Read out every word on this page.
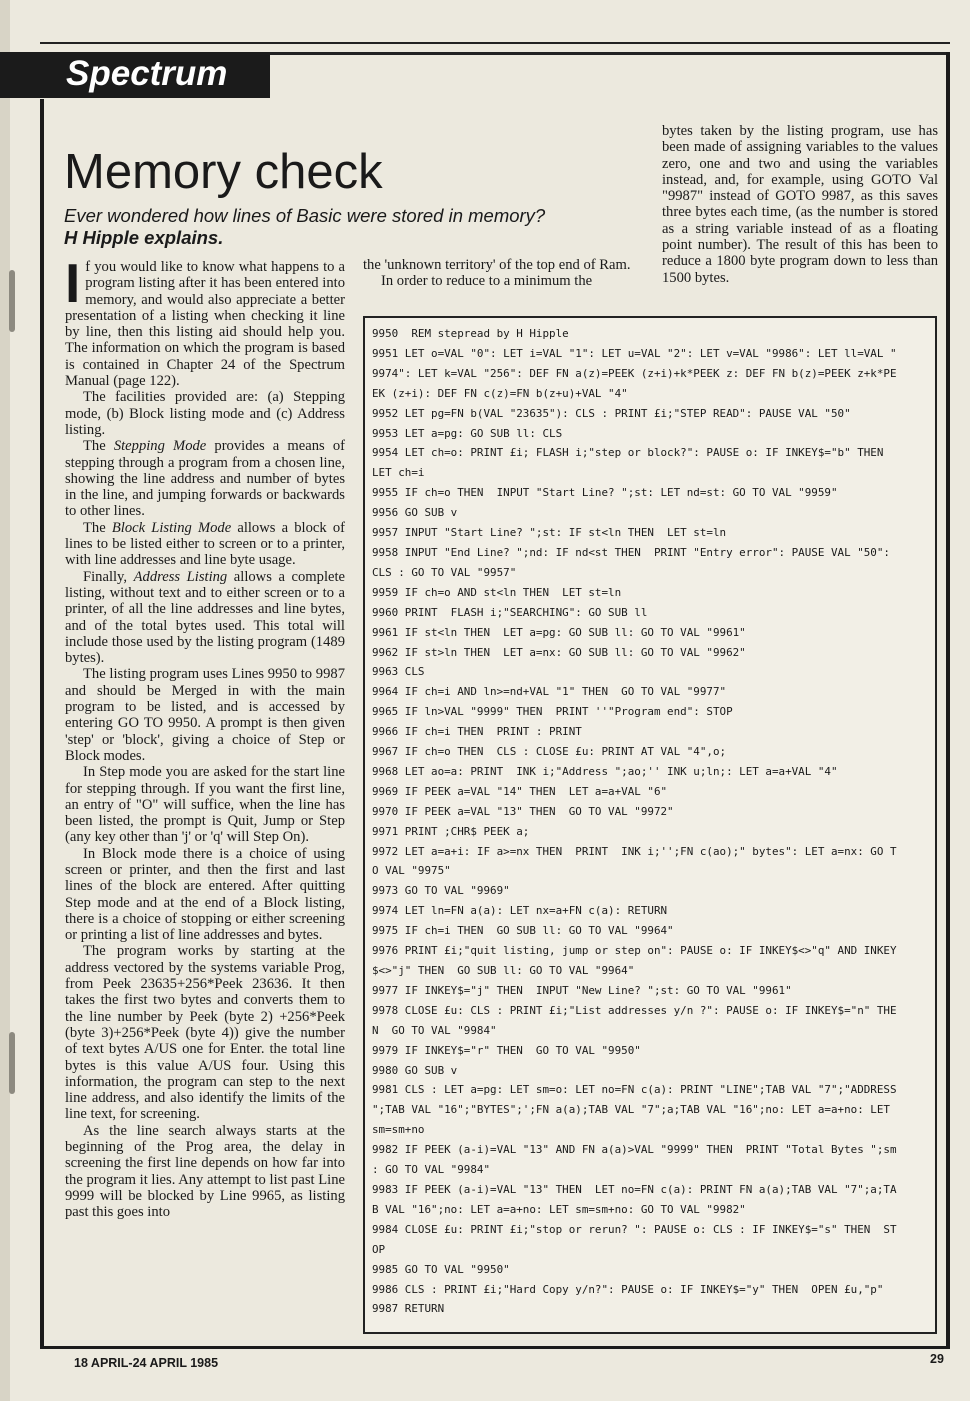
Spectrum
Memory check

Ever wondered how lines of Basic were stored in memory?
H Hipple explains.

If you would like to know what happens to a program listing after it has been entered into memory, and would also appreciate a better presentation of a listing when checking it line by line, then this listing aid should help you. The information on which the program is based is contained in Chapter 24 of the Spectrum Manual (page 122).

The facilities provided are: (a) Stepping mode, (b) Block listing mode and (c) Address listing.

The Stepping Mode provides a means of stepping through a program from a chosen line, showing the line address and number of bytes in the line, and jumping forwards or backwards to other lines.

The Block Listing Mode allows a block of lines to be listed either to screen or to a printer, with line addresses and line byte usage.

Finally, Address Listing allows a complete listing, without text and to either screen or to a printer, of all the line addresses and line bytes, and of the total bytes used. This total will include those used by the listing program (1489 bytes).

The listing program uses Lines 9950 to 9987 and should be Merged in with the main program to be listed, and is accessed by entering GO TO 9950. A prompt is then given 'step' or 'block', giving a choice of Step or Block modes.

In Step mode you are asked for the start line for stepping through. If you want the first line, an entry of "O" will suffice, when the line has been listed, the prompt is Quit, Jump or Step (any key other than 'j' or 'q' will Step On).

In Block mode there is a choice of using screen or printer, and then the first and last lines of the block are entered. After quitting Step mode and at the end of a Block listing, there is a choice of stopping or either screening or printing a list of line addresses and bytes.

The program works by starting at the address vectored by the systems variable Prog, from Peek 23635+256*Peek 23636. It then takes the first two bytes and converts them to the line number by Peek (byte 2) +256*Peek (byte 3)+256*Peek (byte 4)) give the number of text bytes A/US one for Enter. the total line bytes is this value A/US four. Using this information, the program can step to the next line address, and also identify the limits of the line text, for screening.

As the line search always starts at the beginning of the Prog area, the delay in screening the first line depends on how far into the program it lies. Any attempt to list past Line 9999 will be blocked by Line 9965, as listing past this goes into

the 'unknown territory' of the top end of Ram.

In order to reduce to a minimum the

bytes taken by the listing program, use has been made of assigning variables to the values zero, one and two and using the variables instead, and, for example, using GOTO Val "9987" instead of GOTO 9987, as this saves three bytes each time, (as the number is stored as a string variable instead of as a floating point number). The result of this has been to reduce a 1800 byte program down to less than 1500 bytes.

9950  REM stepread by H Hipple
9951 LET o=VAL "0": LET i=VAL "1": LET u=VAL "2": LET v=VAL "9986": LET ll=VAL "
9974": LET k=VAL "256": DEF FN a(z)=PEEK (z+i)+k*PEEK z: DEF FN b(z)=PEEK z+k*PE
EK (z+i): DEF FN c(z)=FN b(z+u)+VAL "4"
9952 LET pg=FN b(VAL "23635"): CLS : PRINT £i;"STEP READ": PAUSE VAL "50"
9953 LET a=pg: GO SUB ll: CLS
9954 LET ch=o: PRINT £i; FLASH i;"step or block?": PAUSE o: IF INKEY$="b" THEN
LET ch=i
9955 IF ch=o THEN  INPUT "Start Line? ";st: LET nd=st: GO TO VAL "9959"
9956 GO SUB v
9957 INPUT "Start Line? ";st: IF st<ln THEN  LET st=ln
9958 INPUT "End Line? ";nd: IF nd<st THEN  PRINT "Entry error": PAUSE VAL "50":
CLS : GO TO VAL "9957"
9959 IF ch=o AND st<ln THEN  LET st=ln
9960 PRINT  FLASH i;"SEARCHING": GO SUB ll
9961 IF st<ln THEN  LET a=pg: GO SUB ll: GO TO VAL "9961"
9962 IF st>ln THEN  LET a=nx: GO SUB ll: GO TO VAL "9962"
9963 CLS
9964 IF ch=i AND ln>=nd+VAL "1" THEN  GO TO VAL "9977"
9965 IF ln>VAL "9999" THEN  PRINT ''"Program end": STOP
9966 IF ch=i THEN  PRINT : PRINT
9967 IF ch=o THEN  CLS : CLOSE £u: PRINT AT VAL "4",o;
9968 LET ao=a: PRINT  INK i;"Address ";ao;'' INK u;ln;: LET a=a+VAL "4"
9969 IF PEEK a=VAL "14" THEN  LET a=a+VAL "6"
9970 IF PEEK a=VAL "13" THEN  GO TO VAL "9972"
9971 PRINT ;CHR$ PEEK a;
9972 LET a=a+i: IF a>=nx THEN  PRINT  INK i;'';FN c(ao);" bytes": LET a=nx: GO T
O VAL "9975"
9973 GO TO VAL "9969"
9974 LET ln=FN a(a): LET nx=a+FN c(a): RETURN
9975 IF ch=i THEN  GO SUB ll: GO TO VAL "9964"
9976 PRINT £i;"quit listing, jump or step on": PAUSE o: IF INKEY$<>"q" AND INKEY
$<>"j" THEN  GO SUB ll: GO TO VAL "9964"
9977 IF INKEY$="j" THEN  INPUT "New Line? ";st: GO TO VAL "9961"
9978 CLOSE £u: CLS : PRINT £i;"List addresses y/n ?": PAUSE o: IF INKEY$="n" THE
N  GO TO VAL "9984"
9979 IF INKEY$="r" THEN  GO TO VAL "9950"
9980 GO SUB v
9981 CLS : LET a=pg: LET sm=o: LET no=FN c(a): PRINT "LINE";TAB VAL "7";"ADDRESS
";TAB VAL "16";"BYTES";';FN a(a);TAB VAL "7";a;TAB VAL "16";no: LET a=a+no: LET
sm=sm+no
9982 IF PEEK (a-i)=VAL "13" AND FN a(a)>VAL "9999" THEN  PRINT "Total Bytes ";sm
: GO TO VAL "9984"
9983 IF PEEK (a-i)=VAL "13" THEN  LET no=FN c(a): PRINT FN a(a);TAB VAL "7";a;TA
B VAL "16";no: LET a=a+no: LET sm=sm+no: GO TO VAL "9982"
9984 CLOSE £u: PRINT £i;"stop or rerun? ": PAUSE o: CLS : IF INKEY$="s" THEN  ST
OP
9985 GO TO VAL "9950"
9986 CLS : PRINT £i;"Hard Copy y/n?": PAUSE o: IF INKEY$="y" THEN  OPEN £u,"p"
9987 RETURN
18 APRIL-24 APRIL 1985	29
